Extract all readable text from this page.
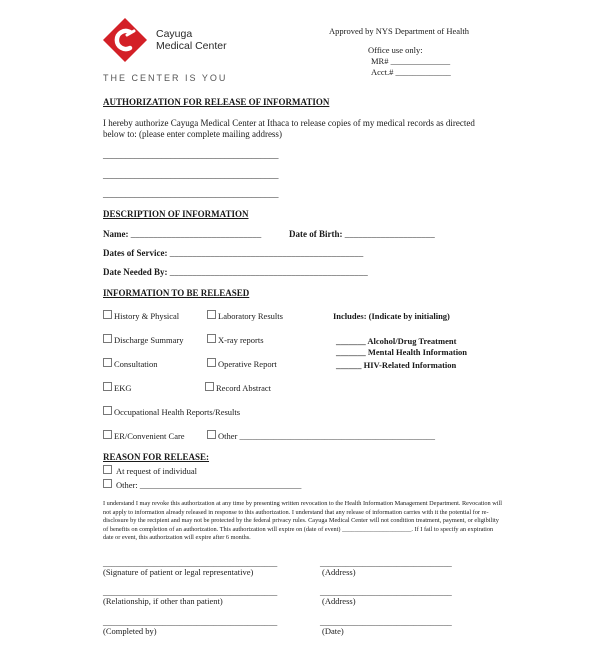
Cayuga
Medical Center
THE CENTER IS YOU
Approved by NYS Department of Health
Office use only:
MR# ______________
Acct.# _____________
AUTHORIZATION FOR RELEASE OF INFORMATION
I hereby authorize Cayuga Medical Center at Ithaca to release copies of my medical records as directed below to: (please enter complete mailing address)
_______________________________________
_______________________________________
_______________________________________
DESCRIPTION OF INFORMATION
Name: _____________________________	Date of Birth: ____________________
Dates of Service: ___________________________________________
Date Needed By: ____________________________________________
INFORMATION TO BE RELEASED
History & Physical
Discharge Summary
Consultation
EKG
Occupational Health Reports/Results
ER/Convenient Care
Laboratory Results
X-ray reports
Operative Report
Record Abstract
Other ______________________________________________
Includes: (Indicate by initialing)
_______ Alcohol/Drug Treatment
_______ Mental Health Information
______ HIV-Related Information
REASON FOR RELEASE:
At request of individual
Other: ______________________________________
I understand I may revoke this authorization at any time by presenting written revocation to the Health Information Management Department. Revocation will not apply to information already released in response to this authorization. I understand that any release of information carries with it the potential for re-disclosure by the recipient and may not be protected by the federal privacy rules. Cayuga Medical Center will not condition treatment, payment, or eligibility of benefits on completion of an authorization. This authorization will expire on (date of event) ______________________. If I fail to specify an expiration date or event, this authorization will expire after 6 months.
_________________________________________	_______________________________
(Signature of patient or legal representative)	(Address)
_________________________________________	_______________________________
(Relationship, if other than patient)	(Address)
_________________________________________	_______________________________
(Completed by)	(Date)
